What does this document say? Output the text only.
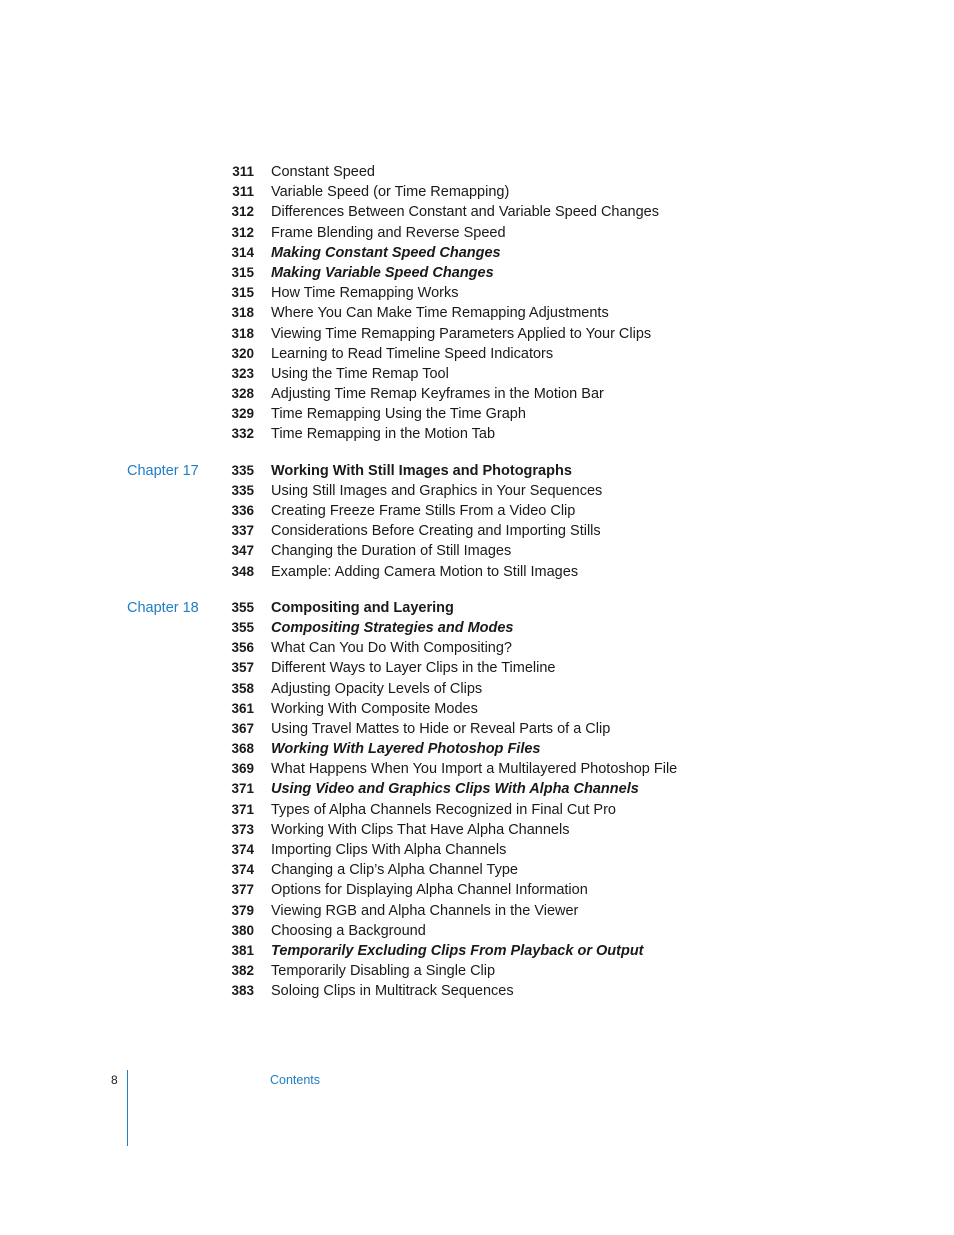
311 Constant Speed
311 Variable Speed (or Time Remapping)
312 Differences Between Constant and Variable Speed Changes
312 Frame Blending and Reverse Speed
314 Making Constant Speed Changes
315 Making Variable Speed Changes
315 How Time Remapping Works
318 Where You Can Make Time Remapping Adjustments
318 Viewing Time Remapping Parameters Applied to Your Clips
320 Learning to Read Timeline Speed Indicators
323 Using the Time Remap Tool
328 Adjusting Time Remap Keyframes in the Motion Bar
329 Time Remapping Using the Time Graph
332 Time Remapping in the Motion Tab
Chapter 17 335 Working With Still Images and Photographs
335 Using Still Images and Graphics in Your Sequences
336 Creating Freeze Frame Stills From a Video Clip
337 Considerations Before Creating and Importing Stills
347 Changing the Duration of Still Images
348 Example: Adding Camera Motion to Still Images
Chapter 18 355 Compositing and Layering
355 Compositing Strategies and Modes
356 What Can You Do With Compositing?
357 Different Ways to Layer Clips in the Timeline
358 Adjusting Opacity Levels of Clips
361 Working With Composite Modes
367 Using Travel Mattes to Hide or Reveal Parts of a Clip
368 Working With Layered Photoshop Files
369 What Happens When You Import a Multilayered Photoshop File
371 Using Video and Graphics Clips With Alpha Channels
371 Types of Alpha Channels Recognized in Final Cut Pro
373 Working With Clips That Have Alpha Channels
374 Importing Clips With Alpha Channels
374 Changing a Clip’s Alpha Channel Type
377 Options for Displaying Alpha Channel Information
379 Viewing RGB and Alpha Channels in the Viewer
380 Choosing a Background
381 Temporarily Excluding Clips From Playback or Output
382 Temporarily Disabling a Single Clip
383 Soloing Clips in Multitrack Sequences
8	Contents
